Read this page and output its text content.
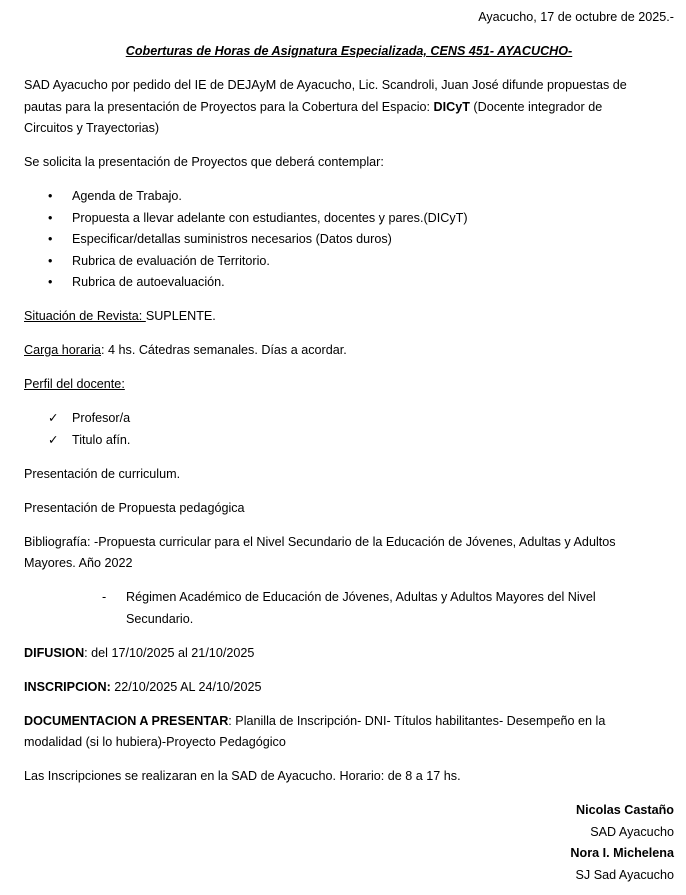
Ayacucho, 17 de octubre de 2025.-
Coberturas de Horas de Asignatura Especializada, CENS 451- AYACUCHO-
SAD Ayacucho por pedido del IE de DEJAyM de Ayacucho, Lic. Scandroli, Juan José difunde propuestas de
pautas para la presentación de Proyectos para la Cobertura del Espacio: DICyT (Docente integrador de
Circuitos y Trayectorias)
Se solicita la presentación de Proyectos que deberá contemplar:
• Agenda de Trabajo.
• Propuesta a llevar adelante con estudiantes, docentes y pares.(DICyT)
• Especificar/detallas suministros necesarios (Datos duros)
• Rubrica de evaluación de Territorio.
• Rubrica de autoevaluación.
Situación de Revista: SUPLENTE.
Carga horaria: 4 hs. Cátedras semanales. Días a acordar.
Perfil del docente:
✓ Profesor/a
✓ Titulo afín.
Presentación de curriculum.
Presentación de Propuesta pedagógica
Bibliografía: -Propuesta curricular para el Nivel Secundario de la Educación de Jóvenes, Adultas y Adultos
Mayores. Año 2022
- Régimen Académico de Educación de Jóvenes, Adultas y Adultos Mayores del Nivel
Secundario.
DIFUSION: del 17/10/2025 al 21/10/2025
INSCRIPCION: 22/10/2025 AL 24/10/2025
DOCUMENTACION A PRESENTAR: Planilla de Inscripción- DNI- Títulos habilitantes- Desempeño en la
modalidad (si lo hubiera)-Proyecto Pedagógico
Las Inscripciones se realizaran en la SAD de Ayacucho. Horario: de 8 a 17 hs.
Nicolas Castaño
SAD Ayacucho
Nora I. Michelena
SJ Sad Ayacucho
